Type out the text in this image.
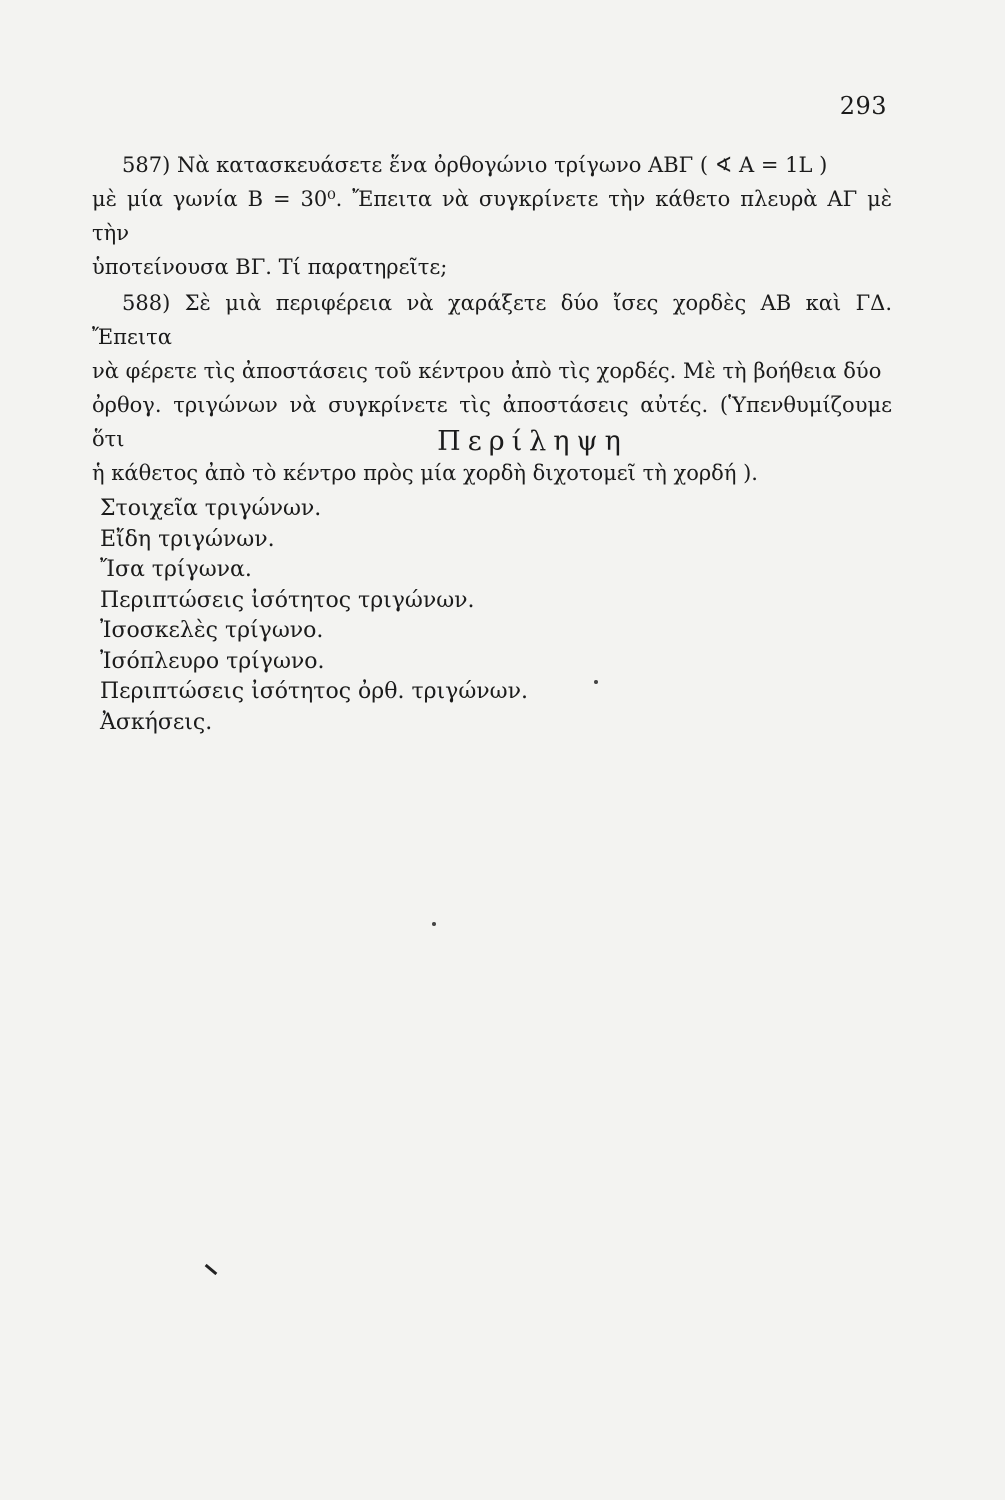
293
587) Νὰ κατασκευάσετε ἕνα ὀρθογώνιο τρίγωνο ΑΒΓ ( ∢ Α = 1L )
μὲ μία γωνία Β = 30⁰. Ἔπειτα νὰ συγκρίνετε τὴν κάθετο πλευρὰ ΑΓ μὲ τὴν
ὑποτείνουσα ΒΓ. Τί παρατηρεῖτε;
588) Σὲ μιὰ περιφέρεια νὰ χαράξετε δύο ἴσες χορδὲς ΑΒ καὶ ΓΔ. Ἔπειτα
νὰ φέρετε τὶς ἀποστάσεις τοῦ κέντρου ἀπὸ τὶς χορδές. Μὲ τὴ βοήθεια δύο
ὀρθογ. τριγώνων νὰ συγκρίνετε τὶς ἀποστάσεις αὐτές. (Ὑπενθυμίζουμε ὅτι
ἡ κάθετος ἀπὸ τὸ κέντρο πρὸς μία χορδὴ διχοτομεῖ τὴ χορδή ).
Περίληψη
Στοιχεῖα τριγώνων.
Εἴδη τριγώνων.
Ἴσα τρίγωνα.
Περιπτώσεις ἰσότητος τριγώνων.
Ἰσοσκελὲς τρίγωνο.
Ἰσόπλευρο τρίγωνο.
Περιπτώσεις ἰσότητος ὀρθ. τριγώνων.
Ἀσκήσεις.
